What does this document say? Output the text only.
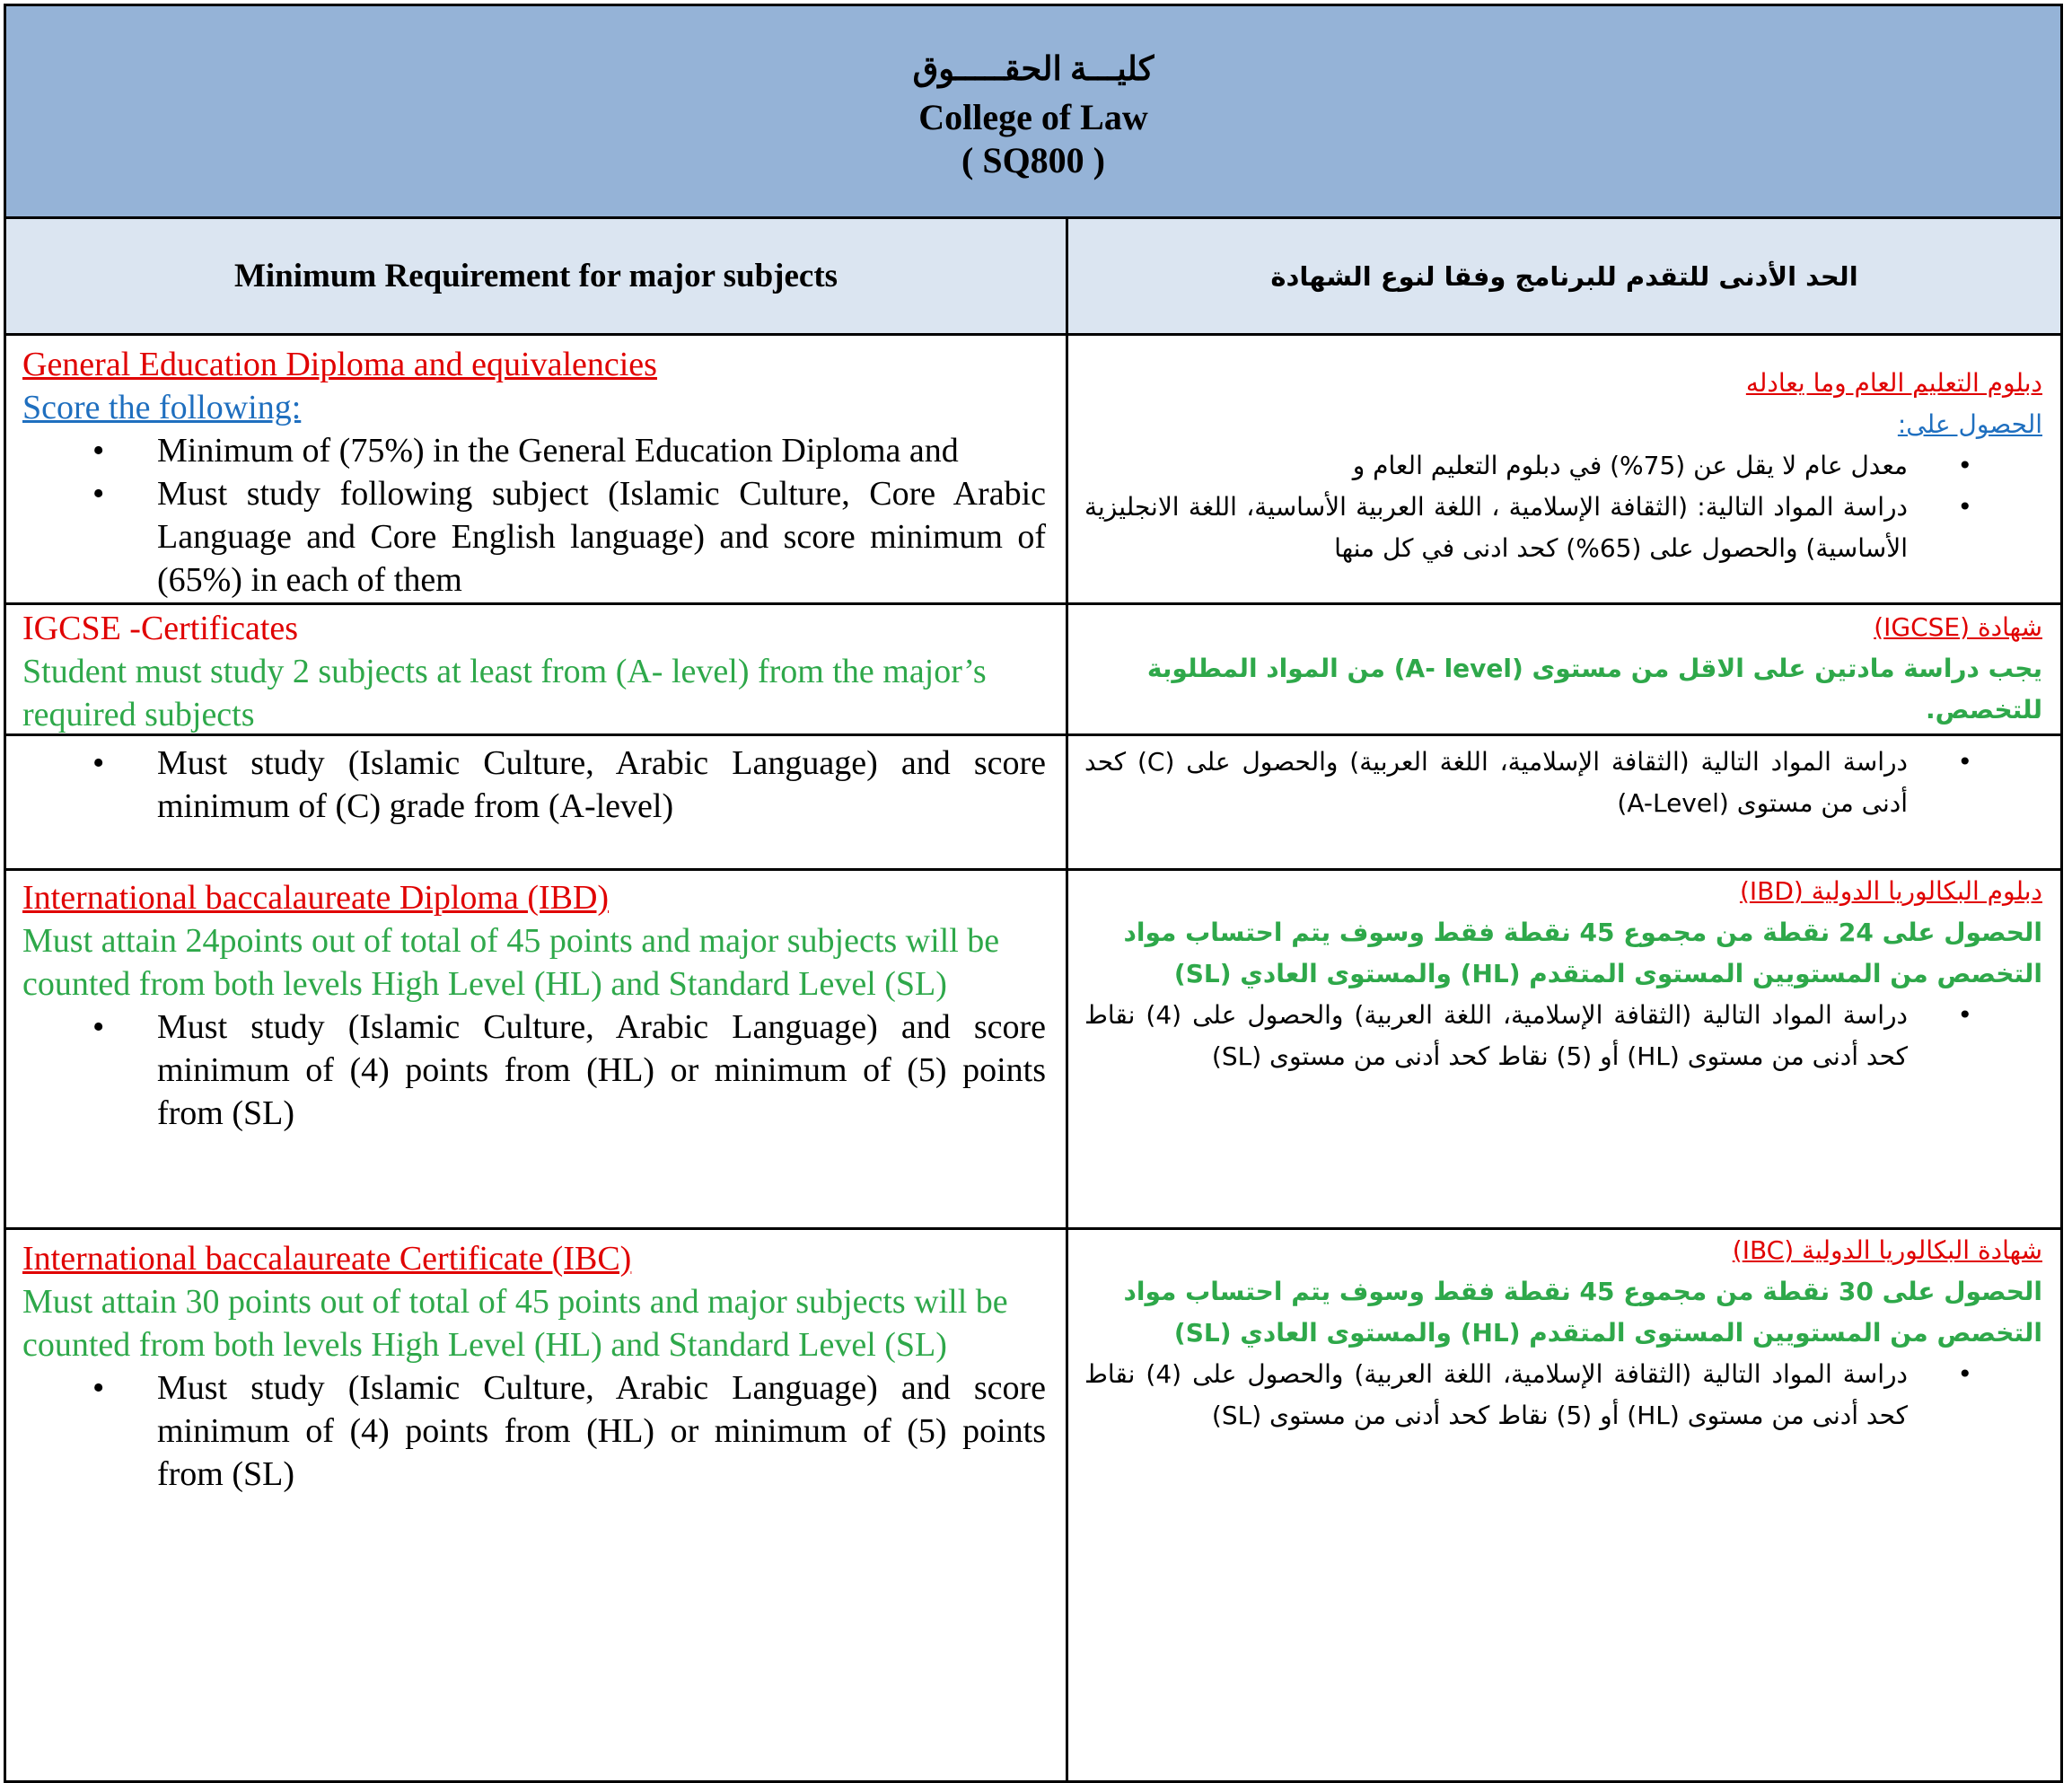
كليـــة الحقـــــوق
College of Law
( SQ800 )
Minimum Requirement for major subjects	الحد الأدنى للتقدم للبرنامج وفقا لنوع الشهادة
General Education Diploma and equivalencies
Score the following:
• Minimum of (75%) in the General Education Diploma and
• Must study following subject (Islamic Culture, Core Arabic Language and Core English language) and score minimum of (65%) in each of them
دبلوم التعليم العام وما يعادله
الحصول على:
• معدل عام لا يقل عن (75%) في دبلوم التعليم العام و
• دراسة المواد التالية: (الثقافة الإسلامية ، اللغة العربية الأساسية، اللغة الانجليزية الأساسية) والحصول على (65%) كحد ادنى في كل منها
IGCSE -Certificates
Student must study 2 subjects at least from (A- level) from the major’s required subjects
شهادة (IGCSE)
يجب دراسة مادتين على الاقل من مستوى (A- level) من المواد المطلوبة للتخصص.
• Must study (Islamic Culture, Arabic Language) and score minimum of (C) grade from (A-level)
• دراسة المواد التالية (الثقافة الإسلامية، اللغة العربية) والحصول على (C) كحد أدنى من مستوى (A-Level)
International baccalaureate Diploma (IBD)
Must attain 24points out of total of 45 points and major subjects will be counted from both levels High Level (HL) and Standard Level (SL)
• Must study (Islamic Culture, Arabic Language) and score minimum of (4) points from (HL) or minimum of (5) points from (SL)
دبلوم البكالوريا الدولية (IBD)
الحصول على 24 نقطة من مجموع 45 نقطة فقط وسوف يتم احتساب مواد التخصص من المستويين المستوى المتقدم (HL) والمستوى العادي (SL)
• دراسة المواد التالية (الثقافة الإسلامية، اللغة العربية) والحصول على (4) نقاط كحد أدنى من مستوى (HL) أو (5) نقاط كحد أدنى من مستوى (SL)
International baccalaureate Certificate (IBC)
Must attain 30 points out of total of 45 points and major subjects will be counted from both levels High Level (HL) and Standard Level (SL)
• Must study (Islamic Culture, Arabic Language) and score minimum of (4) points from (HL) or minimum of (5) points from (SL)
شهادة البكالوريا الدولية (IBC)
الحصول على 30 نقطة من مجموع 45 نقطة فقط وسوف يتم احتساب مواد التخصص من المستويين المستوى المتقدم (HL) والمستوى العادي (SL)
• دراسة المواد التالية (الثقافة الإسلامية، اللغة العربية) والحصول على (4) نقاط كحد أدنى من مستوى (HL) أو (5) نقاط كحد أدنى من مستوى (SL)
